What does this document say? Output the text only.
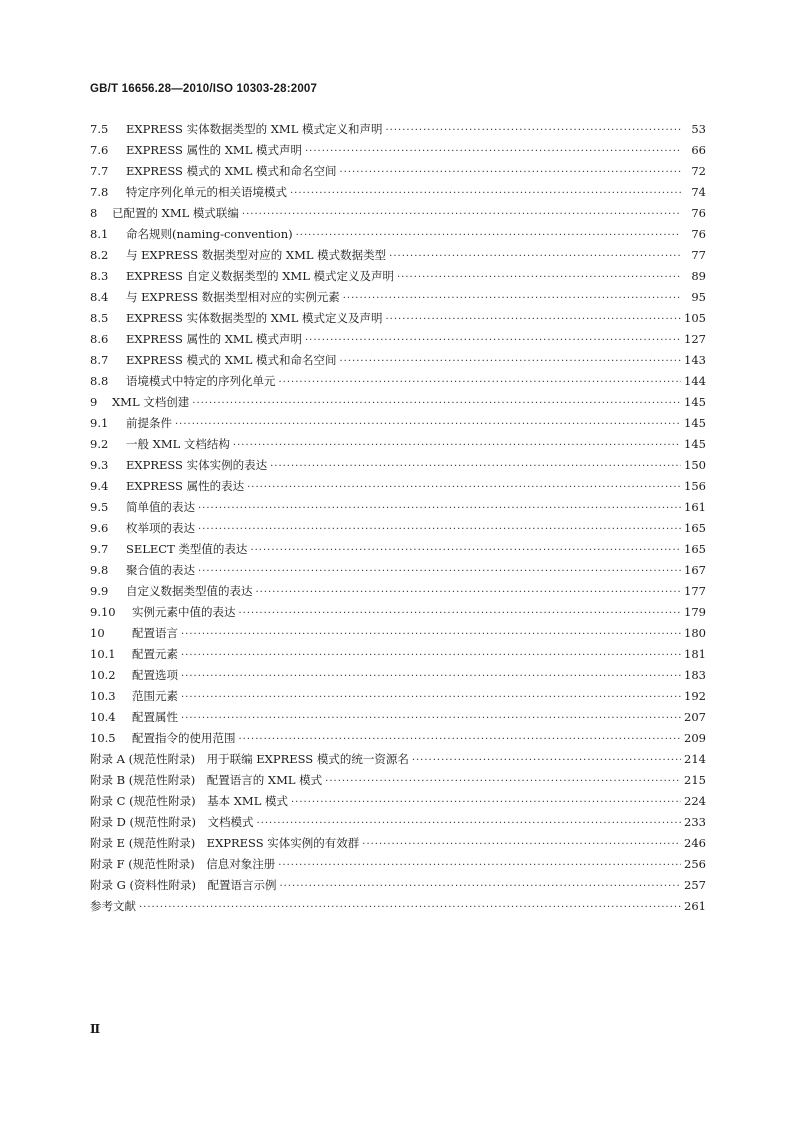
GB/T 16656.28—2010/ISO 10303-28:2007
7.5	EXPRESS 实体数据类型的 XML 模式定义和声明 ·····	53
7.6	EXPRESS 属性的 XML 模式声明 ·····	66
7.7	EXPRESS 模式的 XML 模式和命名空间 ·····	72
7.8	特定序列化单元的相关语境模式 ·····	74
8	已配置的 XML 模式联编 ·····	76
8.1	命名规则(naming-convention) ·····	76
8.2	与 EXPRESS 数据类型对应的 XML 模式数据类型 ·····	77
8.3	EXPRESS 自定义数据类型的 XML 模式定义及声明 ·····	89
8.4	与 EXPRESS 数据类型相对应的实例元素 ·····	95
8.5	EXPRESS 实体数据类型的 XML 模式定义及声明 ·····	105
8.6	EXPRESS 属性的 XML 模式声明 ·····	127
8.7	EXPRESS 模式的 XML 模式和命名空间 ·····	143
8.8	语境模式中特定的序列化单元 ·····	144
9	XML 文档创建 ·····	145
9.1	前提条件 ·····	145
9.2	一般 XML 文档结构 ·····	145
9.3	EXPRESS 实体实例的表达 ·····	150
9.4	EXPRESS 属性的表达 ·····	156
9.5	简单值的表达 ·····	161
9.6	枚举项的表达 ·····	165
9.7	SELECT 类型值的表达 ·····	165
9.8	聚合值的表达 ·····	167
9.9	自定义数据类型值的表达 ·····	177
9.10	实例元素中值的表达 ·····	179
10	配置语言 ·····	180
10.1	配置元素 ·····	181
10.2	配置选项 ·····	183
10.3	范围元素 ·····	192
10.4	配置属性 ·····	207
10.5	配置指令的使用范围 ·····	209
附录 A (规范性附录)　用于联编 EXPRESS 模式的统一资源名 ·····	214
附录 B (规范性附录)　配置语言的 XML 模式 ·····	215
附录 C (规范性附录)　基本 XML 模式 ·····	224
附录 D (规范性附录)　文档模式 ·····	233
附录 E (规范性附录)　EXPRESS 实体实例的有效群 ·····	246
附录 F (规范性附录)　信息对象注册 ·····	256
附录 G (资料性附录)　配置语言示例 ·····	257
参考文献 ·····	261
Ⅱ
